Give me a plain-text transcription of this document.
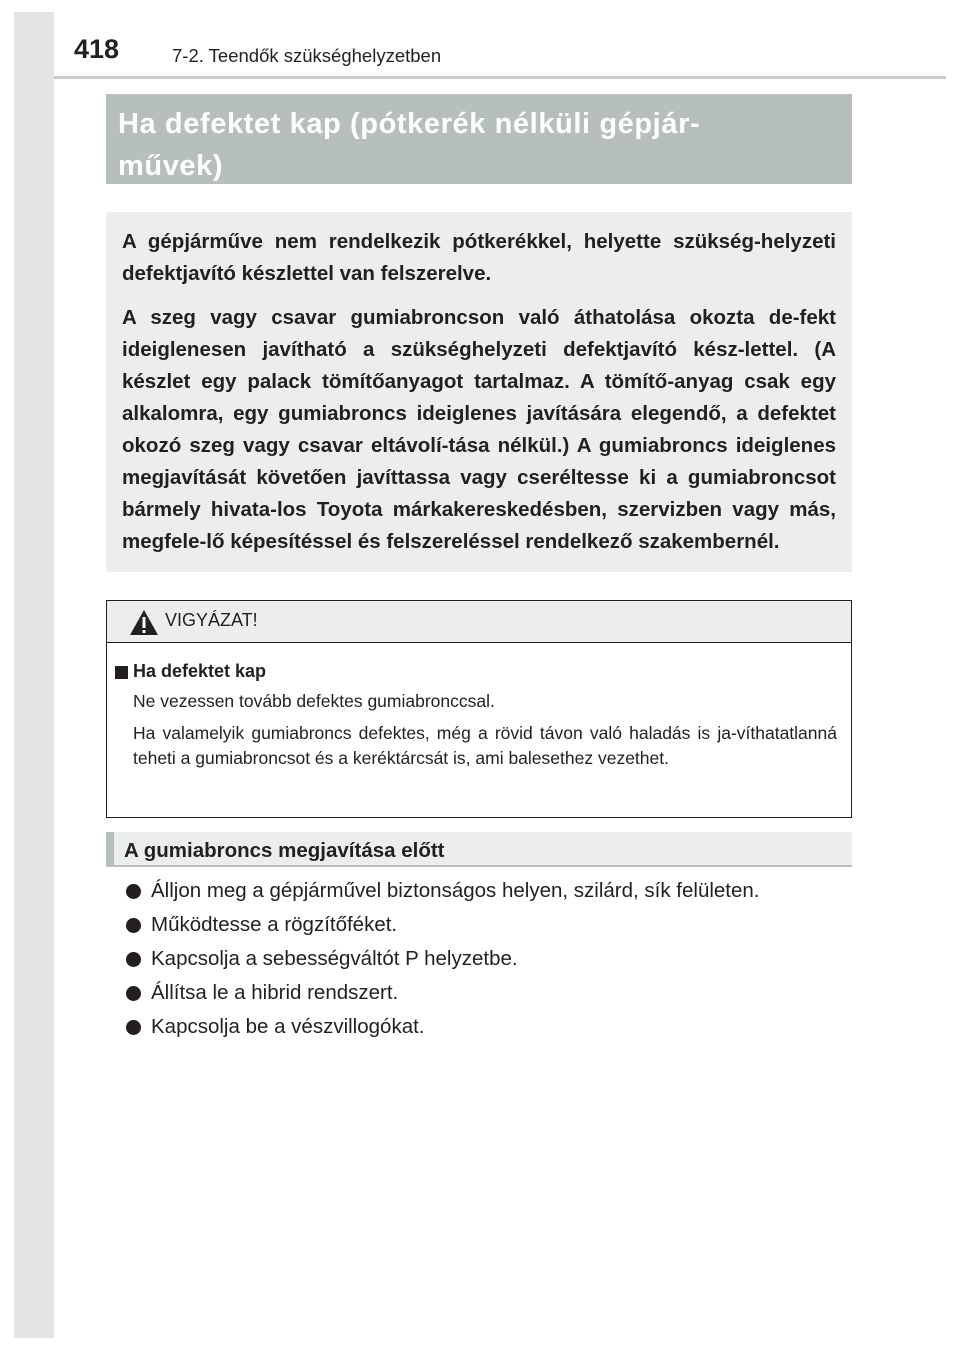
418	7-2. Teendők szükséghelyzetben
Ha defektet kap (pótkerék nélküli gépjár-
művek)

A gépjárműve nem rendelkezik pótkerékkel, helyette szükség-helyzeti defektjavító készlettel van felszerelve.

A szeg vagy csavar gumiabroncson való áthatolása okozta de-fekt ideiglenesen javítható a szükséghelyzeti defektjavító kész-lettel. (A készlet egy palack tömítőanyagot tartalmaz. A tömítő-anyag csak egy alkalomra, egy gumiabroncs ideiglenes javítására elegendő, a defektet okozó szeg vagy csavar eltávolí-tása nélkül.) A gumiabroncs ideiglenes megjavítását követően javíttassa vagy cseréltesse ki a gumiabroncsot bármely hivata-los Toyota márkakereskedésben, szervizben vagy más, megfele-lő képesítéssel és felszereléssel rendelkező szakembernél.

VIGYÁZAT!
Ha defektet kap

Ne vezessen tovább defektes gumiabronccsal.

Ha valamelyik gumiabroncs defektes, még a rövid távon való haladás is ja-víthatatlanná teheti a gumiabroncsot és a keréktárcsát is, ami balesethez vezethet.

A gumiabroncs megjavítása előtt
Álljon meg a gépjárművel biztonságos helyen, szilárd, sík felületen.
Működtesse a rögzítőféket.
Kapcsolja a sebességváltót P helyzetbe.
Állítsa le a hibrid rendszert.
Kapcsolja be a vészvillogókat.
